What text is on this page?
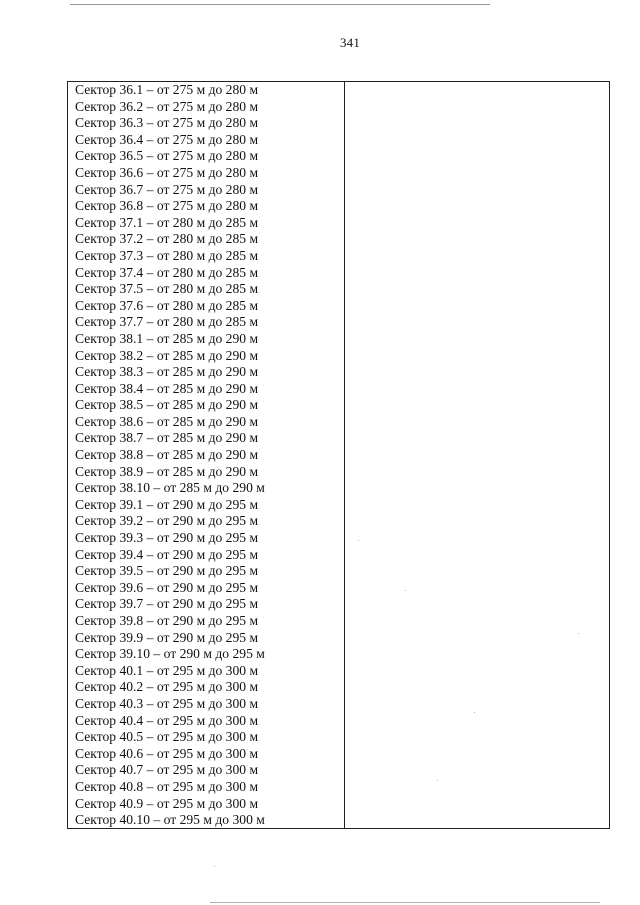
341
Сектор 36.1 – от 275 м до 280 м
Сектор 36.2 – от 275 м до 280 м
Сектор 36.3 – от 275 м до 280 м
Сектор 36.4 – от 275 м до 280 м
Сектор 36.5 – от 275 м до 280 м
Сектор 36.6 – от 275 м до 280 м
Сектор 36.7 – от 275 м до 280 м
Сектор 36.8 – от 275 м до 280 м
Сектор 37.1 – от 280 м до 285 м
Сектор 37.2 – от 280 м до 285 м
Сектор 37.3 – от 280 м до 285 м
Сектор 37.4 – от 280 м до 285 м
Сектор 37.5 – от 280 м до 285 м
Сектор 37.6 – от 280 м до 285 м
Сектор 37.7 – от 280 м до 285 м
Сектор 38.1 – от 285 м до 290 м
Сектор 38.2 – от 285 м до 290 м
Сектор 38.3 – от 285 м до 290 м
Сектор 38.4 – от 285 м до 290 м
Сектор 38.5 – от 285 м до 290 м
Сектор 38.6 – от 285 м до 290 м
Сектор 38.7 – от 285 м до 290 м
Сектор 38.8 – от 285 м до 290 м
Сектор 38.9 – от 285 м до 290 м
Сектор 38.10 – от 285 м до 290 м
Сектор 39.1 – от 290 м до 295 м
Сектор 39.2 – от 290 м до 295 м
Сектор 39.3 – от 290 м до 295 м
Сектор 39.4 – от 290 м до 295 м
Сектор 39.5 – от 290 м до 295 м
Сектор 39.6 – от 290 м до 295 м
Сектор 39.7 – от 290 м до 295 м
Сектор 39.8 – от 290 м до 295 м
Сектор 39.9 – от 290 м до 295 м
Сектор 39.10 – от 290 м до 295 м
Сектор 40.1 – от 295 м до 300 м
Сектор 40.2 – от 295 м до 300 м
Сектор 40.3 – от 295 м до 300 м
Сектор 40.4 – от 295 м до 300 м
Сектор 40.5 – от 295 м до 300 м
Сектор 40.6 – от 295 м до 300 м
Сектор 40.7 – от 295 м до 300 м
Сектор 40.8 – от 295 м до 300 м
Сектор 40.9 – от 295 м до 300 м
Сектор 40.10 – от 295 м до 300 м
